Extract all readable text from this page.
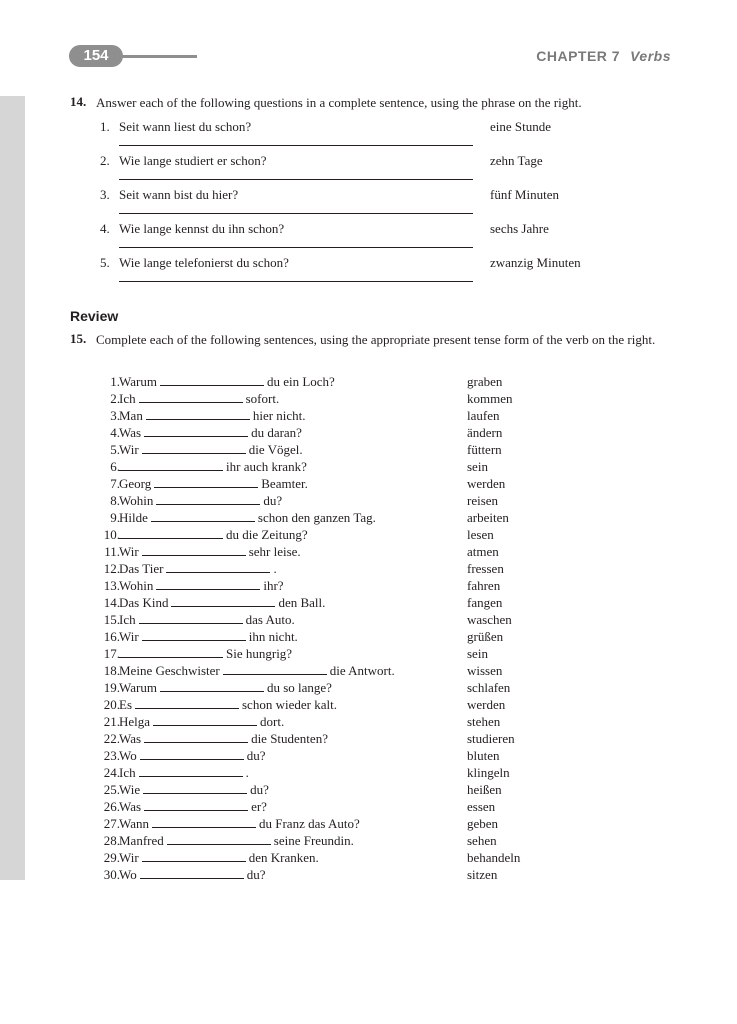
154	CHAPTER 7 Verbs
14. Answer each of the following questions in a complete sentence, using the phrase on the right.
1. Seit wann liest du schon?	eine Stunde
2. Wie lange studiert er schon?	zehn Tage
3. Seit wann bist du hier?	fünf Minuten
4. Wie lange kennst du ihn schon?	sechs Jahre
5. Wie lange telefonierst du schon?	zwanzig Minuten
Review
15. Complete each of the following sentences, using the appropriate present tense form of the verb on the right.
1. Warum	du ein Loch?	graben
2. Ich	sofort.	kommen
3. Man	hier nicht.	laufen
4. Was	du daran?	ändern
5. Wir	die Vögel.	füttern
6.	ihr auch krank?	sein
7. Georg	Beamter.	werden
8. Wohin	du?	reisen
9. Hilde	schon den ganzen Tag.	arbeiten
10.	du die Zeitung?	lesen
11. Wir	sehr leise.	atmen
12. Das Tier	.	fressen
13. Wohin	ihr?	fahren
14. Das Kind	den Ball.	fangen
15. Ich	das Auto.	waschen
16. Wir	ihn nicht.	grüßen
17.	Sie hungrig?	sein
18. Meine Geschwister	die Antwort.	wissen
19. Warum	du so lange?	schlafen
20. Es	schon wieder kalt.	werden
21. Helga	dort.	stehen
22. Was	die Studenten?	studieren
23. Wo	du?	bluten
24. Ich	.	klingeln
25. Wie	du?	heißen
26. Was	er?	essen
27. Wann	du Franz das Auto?	geben
28. Manfred	seine Freundin.	sehen
29. Wir	den Kranken.	behandeln
30. Wo	du?	sitzen
